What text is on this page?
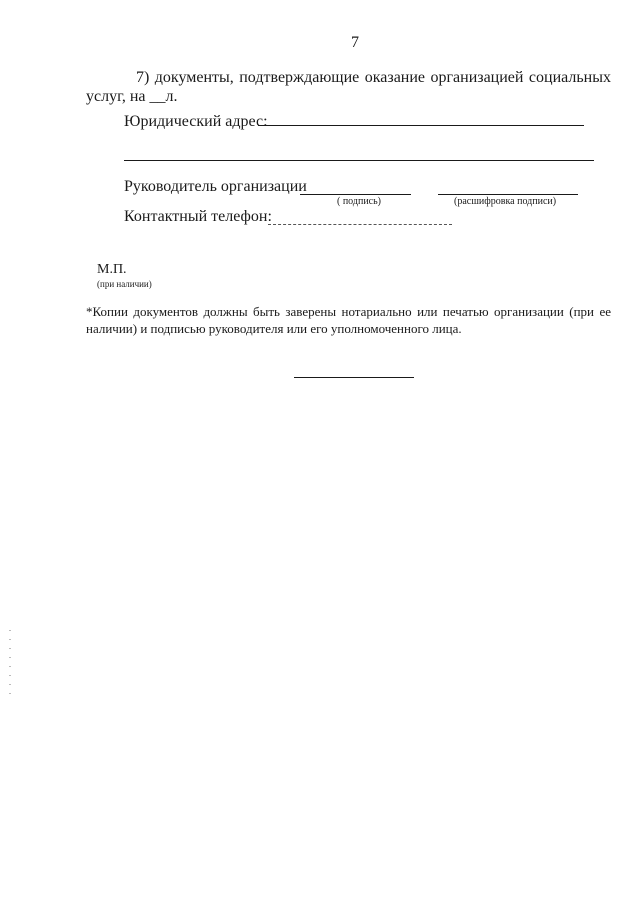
7
7) документы, подтверждающие оказание организацией социальных
услуг, на __л.
Юридический адрес:
Руководитель организации
( подпись)	(расшифровка подписи)
Контактный телефон:
М.П.
(при наличии)
*Копии документов должны быть заверены нотариально или печатью организации (при ее
наличии) и подписью руководителя или его уполномоченного лица.
